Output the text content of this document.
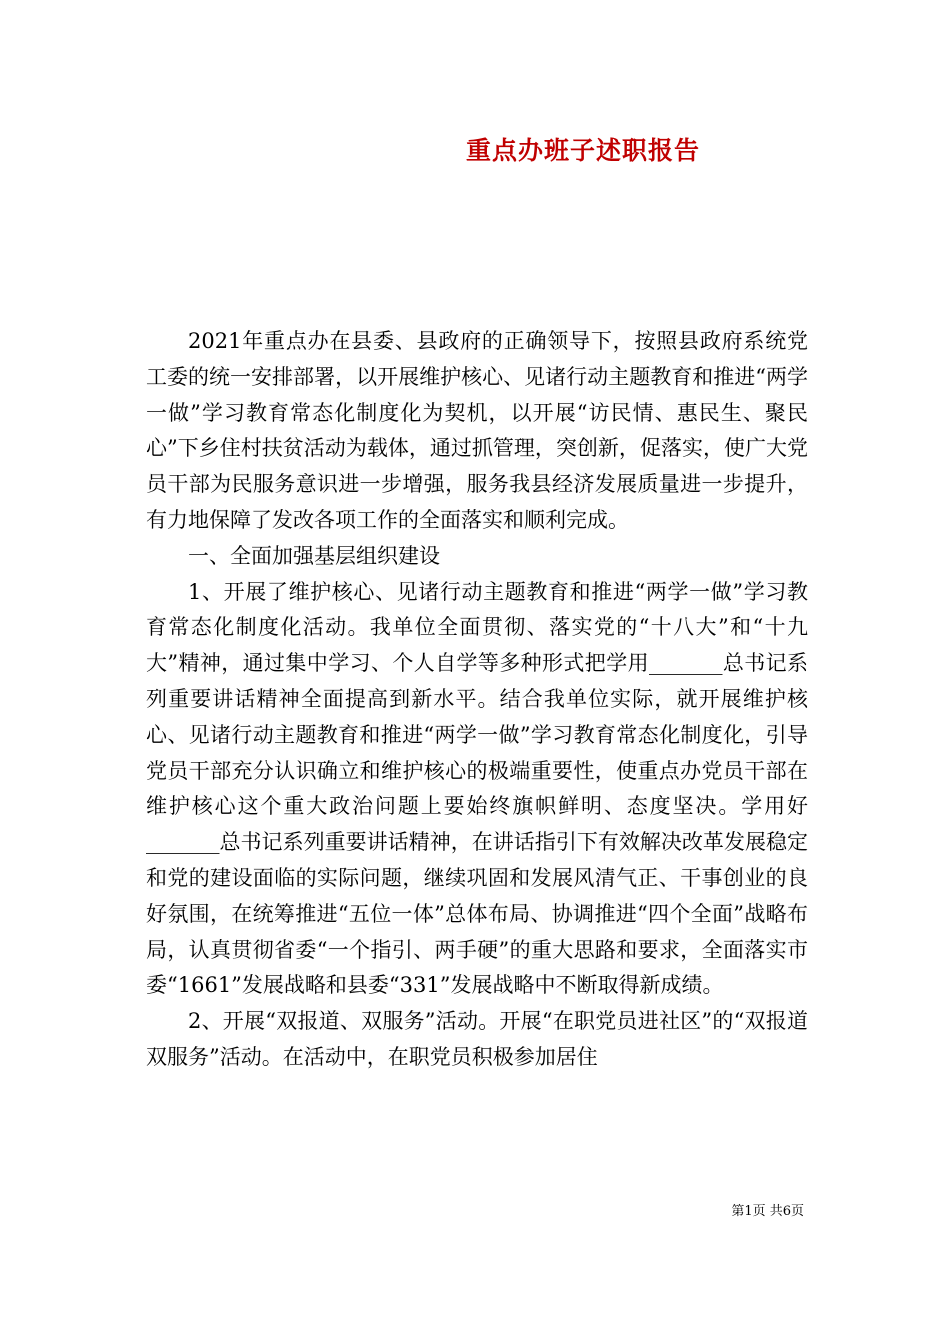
重点办班子述职报告

2021年重点办在县委、县政府的正确领导下，按照县政府系统党工委的统一安排部署，以开展维护核心、见诸行动主题教育和推进“两学一做”学习教育常态化制度化为契机，以开展“访民情、惠民生、聚民心”下乡住村扶贫活动为载体，通过抓管理，突创新，促落实，使广大党员干部为民服务意识进一步增强，服务我县经济发展质量进一步提升，有力地保障了发改各项工作的全面落实和顺利完成。

一、全面加强基层组织建设

1、开展了维护核心、见诸行动主题教育和推进“两学一做”学习教育常态化制度化活动。我单位全面贯彻、落实党的“十八大”和“十九大”精神，通过集中学习、个人自学等多种形式把学用_______总书记系列重要讲话精神全面提高到新水平。结合我单位实际，就开展维护核心、见诸行动主题教育和推进“两学一做”学习教育常态化制度化，引导党员干部充分认识确立和维护核心的极端重要性，使重点办党员干部在维护核心这个重大政治问题上要始终旗帜鲜明、态度坚决。学用好_______总书记系列重要讲话精神，在讲话指引下有效解决改革发展稳定和党的建设面临的实际问题，继续巩固和发展风清气正、干事创业的良好氛围，在统筹推进“五位一体”总体布局、协调推进“四个全面”战略布局，认真贯彻省委“一个指引、两手硬”的重大思路和要求，全面落实市委“1661”发展战略和县委“331”发展战略中不断取得新成绩。

2、开展“双报道、双服务”活动。开展“在职党员进社区”的“双报道双服务”活动。在活动中，在职党员积极参加居住

第1页 共6页
